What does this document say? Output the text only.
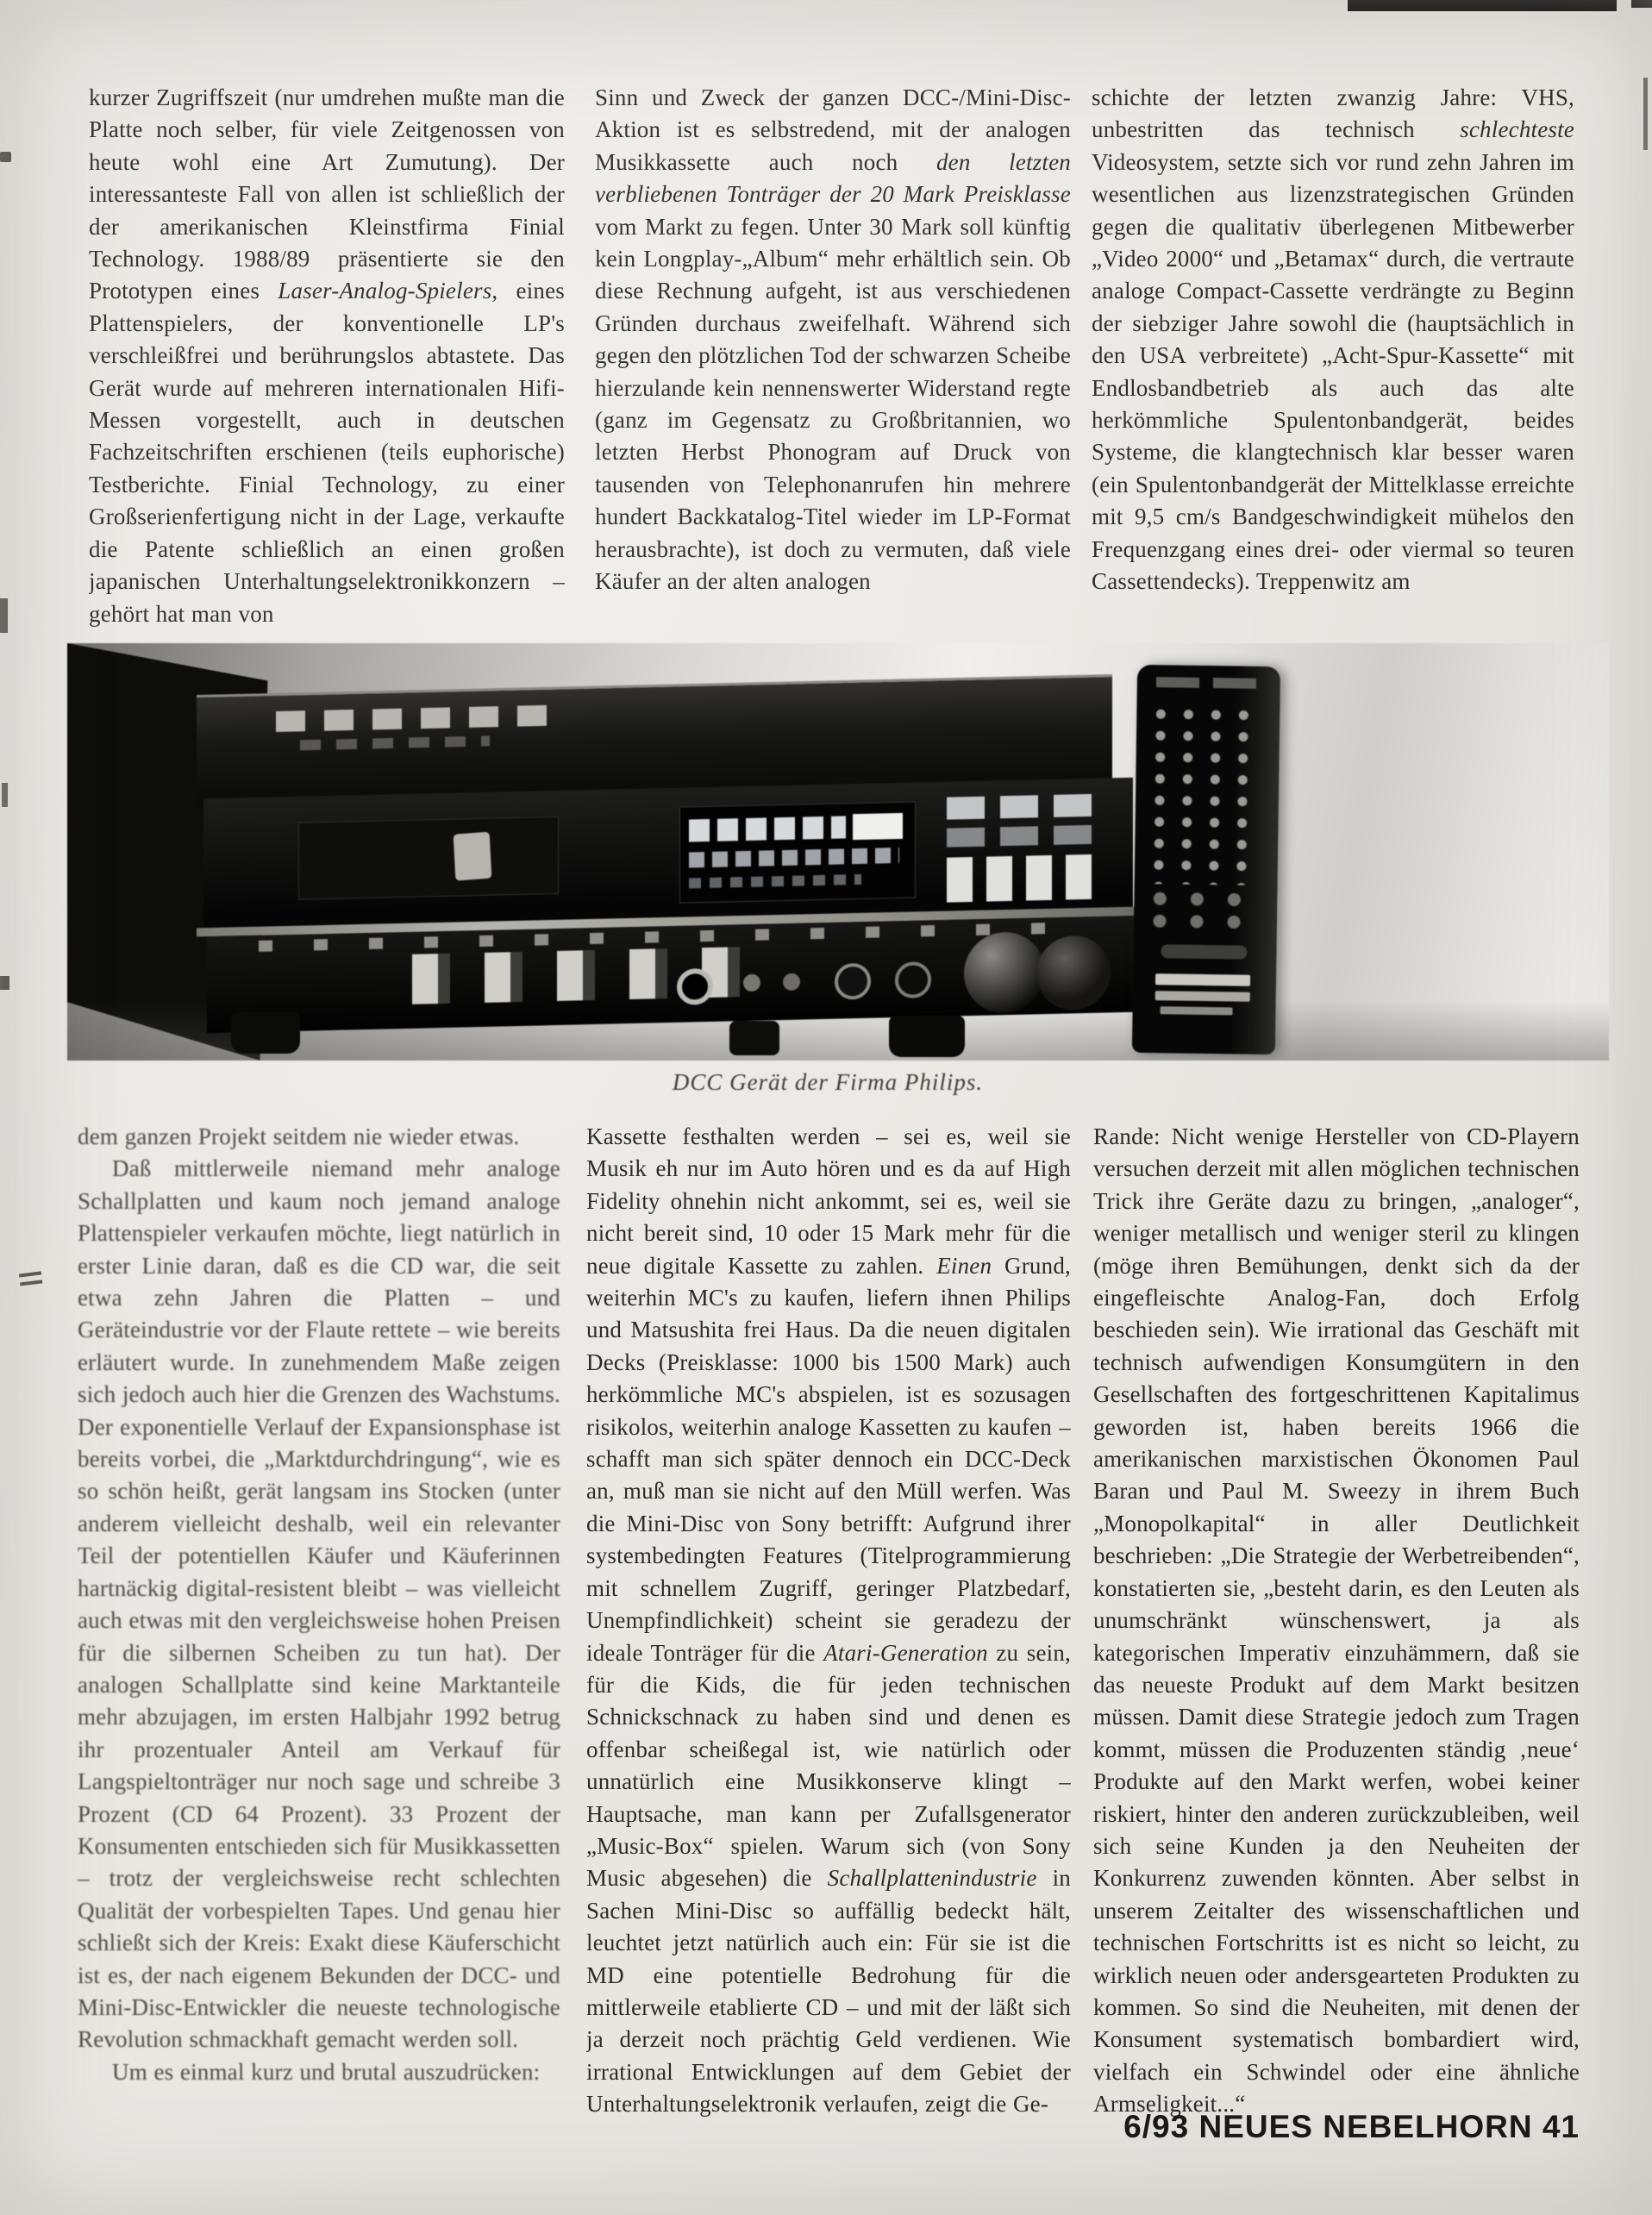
kurzer Zugriffszeit (nur umdrehen mußte man die Platte noch selber, für viele Zeitgenossen von heute wohl eine Art Zumutung). Der interessanteste Fall von allen ist schließlich der der amerikanischen Kleinstfirma Finial Technology. 1988/89 präsentierte sie den Prototypen eines Laser-Analog-Spielers, eines Plattenspielers, der konventionelle LP's verschleißfrei und berührungslos abtastete. Das Gerät wurde auf mehreren internationalen Hifi-Messen vorgestellt, auch in deutschen Fachzeitschriften erschienen (teils euphorische) Testberichte. Finial Technology, zu einer Großserienfertigung nicht in der Lage, verkaufte die Patente schließlich an einen großen japanischen Unterhaltungselektronikkonzern – gehört hat man von

Sinn und Zweck der ganzen DCC-/Mini-Disc-Aktion ist es selbstredend, mit der analogen Musikkassette auch noch den letzten verbliebenen Tonträger der 20 Mark Preisklasse vom Markt zu fegen. Unter 30 Mark soll künftig kein Longplay-„Album“ mehr erhältlich sein. Ob diese Rechnung aufgeht, ist aus verschiedenen Gründen durchaus zweifelhaft. Während sich gegen den plötzlichen Tod der schwarzen Scheibe hierzulande kein nennenswerter Widerstand regte (ganz im Gegensatz zu Großbritannien, wo letzten Herbst Phonogram auf Druck von tausenden von Telephonanrufen hin mehrere hundert Backkatalog-Titel wieder im LP-Format herausbrachte), ist doch zu vermuten, daß viele Käufer an der alten analogen

schichte der letzten zwanzig Jahre: VHS, unbestritten das technisch schlechteste Videosystem, setzte sich vor rund zehn Jahren im wesentlichen aus lizenzstrategischen Gründen gegen die qualitativ überlegenen Mitbewerber „Video 2000“ und „Betamax“ durch, die vertraute analoge Compact-Cassette verdrängte zu Beginn der siebziger Jahre sowohl die (hauptsächlich in den USA verbreitete) „Acht-Spur-Kassette“ mit Endlosbandbetrieb als auch das alte herkömmliche Spulentonbandgerät, beides Systeme, die klangtechnisch klar besser waren (ein Spulentonbandgerät der Mittelklasse erreichte mit 9,5 cm/s Bandgeschwindigkeit mühelos den Frequenzgang eines drei- oder viermal so teuren Cassettendecks). Treppenwitz am

DCC Gerät der Firma Philips.

dem ganzen Projekt seitdem nie wieder etwas.

Daß mittlerweile niemand mehr analoge Schallplatten und kaum noch jemand analoge Plattenspieler verkaufen möchte, liegt natürlich in erster Linie daran, daß es die CD war, die seit etwa zehn Jahren die Platten – und Geräteindustrie vor der Flaute rettete – wie bereits erläutert wurde. In zunehmendem Maße zeigen sich jedoch auch hier die Grenzen des Wachstums. Der exponentielle Verlauf der Expansionsphase ist bereits vorbei, die „Marktdurchdringung“, wie es so schön heißt, gerät langsam ins Stocken (unter anderem vielleicht deshalb, weil ein relevanter Teil der potentiellen Käufer und Käuferinnen hartnäckig digital-resistent bleibt – was vielleicht auch etwas mit den vergleichsweise hohen Preisen für die silbernen Scheiben zu tun hat). Der analogen Schallplatte sind keine Marktanteile mehr abzujagen, im ersten Halbjahr 1992 betrug ihr prozentualer Anteil am Verkauf für Langspieltonträger nur noch sage und schreibe 3 Prozent (CD 64 Prozent). 33 Prozent der Konsumenten entschieden sich für Musikkassetten – trotz der vergleichsweise recht schlechten Qualität der vorbespielten Tapes. Und genau hier schließt sich der Kreis: Exakt diese Käuferschicht ist es, der nach eigenem Bekunden der DCC- und Mini-Disc-Entwickler die neueste technologische Revolution schmackhaft gemacht werden soll.

Um es einmal kurz und brutal auszudrücken:

Kassette festhalten werden – sei es, weil sie Musik eh nur im Auto hören und es da auf High Fidelity ohnehin nicht ankommt, sei es, weil sie nicht bereit sind, 10 oder 15 Mark mehr für die neue digitale Kassette zu zahlen. Einen Grund, weiterhin MC's zu kaufen, liefern ihnen Philips und Matsushita frei Haus. Da die neuen digitalen Decks (Preisklasse: 1000 bis 1500 Mark) auch herkömmliche MC's abspielen, ist es sozusagen risikolos, weiterhin analoge Kassetten zu kaufen – schafft man sich später dennoch ein DCC-Deck an, muß man sie nicht auf den Müll werfen. Was die Mini-Disc von Sony betrifft: Aufgrund ihrer systembedingten Features (Titelprogrammierung mit schnellem Zugriff, geringer Platzbedarf, Unempfindlichkeit) scheint sie geradezu der ideale Tonträger für die Atari-Generation zu sein, für die Kids, die für jeden technischen Schnickschnack zu haben sind und denen es offenbar scheißegal ist, wie natürlich oder unnatürlich eine Musikkonserve klingt – Hauptsache, man kann per Zufallsgenerator „Music-Box“ spielen. Warum sich (von Sony Music abgesehen) die Schallplattenindustrie in Sachen Mini-Disc so auffällig bedeckt hält, leuchtet jetzt natürlich auch ein: Für sie ist die MD eine potentielle Bedrohung für die mittlerweile etablierte CD – und mit der läßt sich ja derzeit noch prächtig Geld verdienen. Wie irrational Entwicklungen auf dem Gebiet der Unterhaltungselektronik verlaufen, zeigt die Ge-

Rande: Nicht wenige Hersteller von CD-Playern versuchen derzeit mit allen möglichen technischen Trick ihre Geräte dazu zu bringen, „analoger“, weniger metallisch und weniger steril zu klingen (möge ihren Bemühungen, denkt sich da der eingefleischte Analog-Fan, doch Erfolg beschieden sein). Wie irrational das Geschäft mit technisch aufwendigen Konsumgütern in den Gesellschaften des fortgeschrittenen Kapitalimus geworden ist, haben bereits 1966 die amerikanischen marxistischen Ökonomen Paul Baran und Paul M. Sweezy in ihrem Buch „Monopolkapital“ in aller Deutlichkeit beschrieben: „Die Strategie der Werbetreibenden“, konstatierten sie, „besteht darin, es den Leuten als unumschränkt wünschenswert, ja als kategorischen Imperativ einzuhämmern, daß sie das neueste Produkt auf dem Markt besitzen müssen. Damit diese Strategie jedoch zum Tragen kommt, müssen die Produzenten ständig ‚neue‘ Produkte auf den Markt werfen, wobei keiner riskiert, hinter den anderen zurückzubleiben, weil sich seine Kunden ja den Neuheiten der Konkurrenz zuwenden könnten. Aber selbst in unserem Zeitalter des wissenschaftlichen und technischen Fortschritts ist es nicht so leicht, zu wirklich neuen oder andersgearteten Produkten zu kommen. So sind die Neuheiten, mit denen der Konsument systematisch bombardiert wird, vielfach ein Schwindel oder eine ähnliche Armseligkeit...“

6/93 NEUES NEBELHORN 41
